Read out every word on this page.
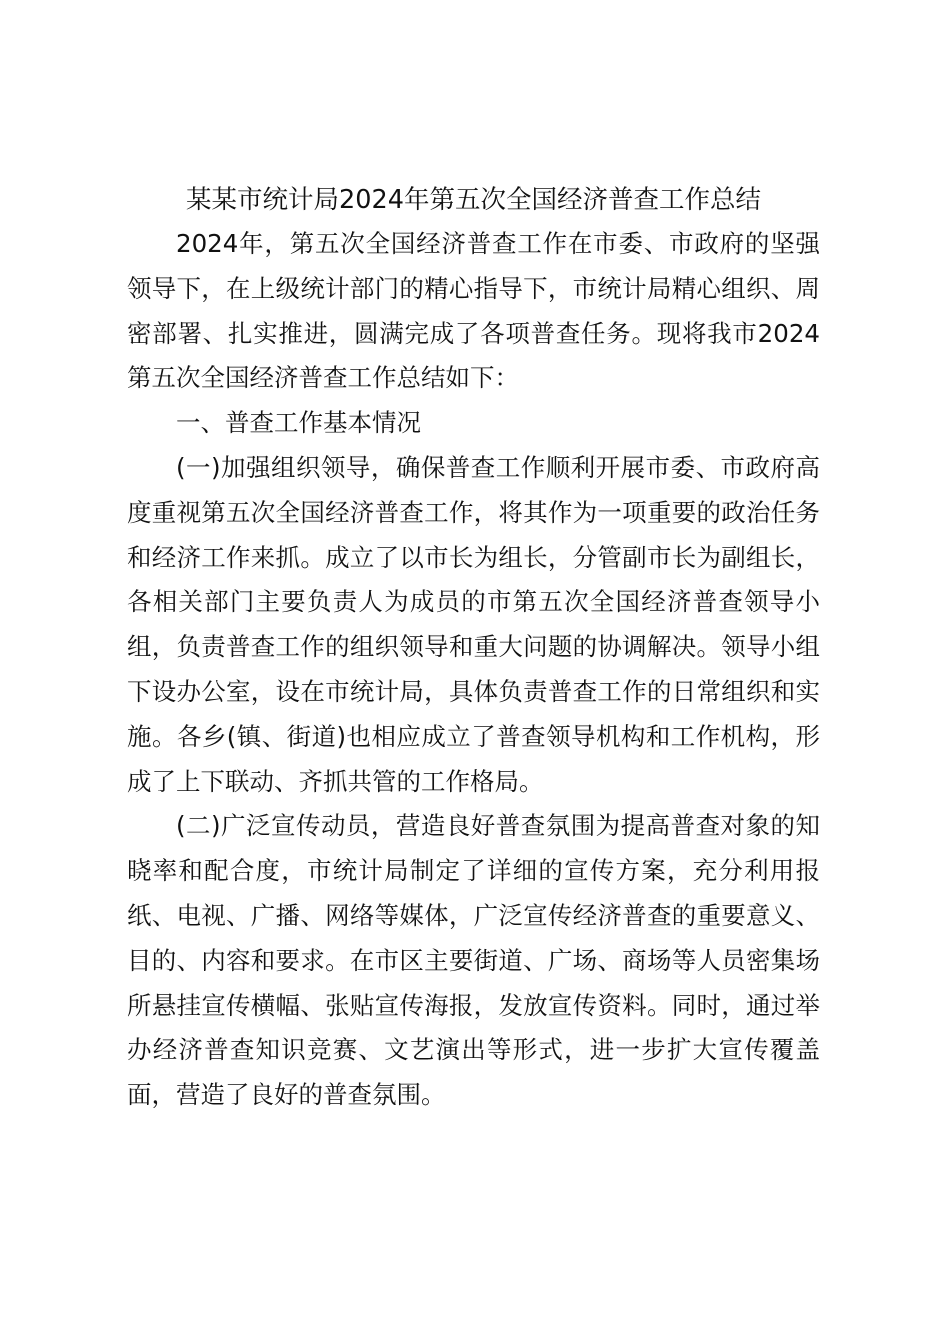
某某市统计局2024年第五次全国经济普查工作总结

2024年，第五次全国经济普查工作在市委、市政府的坚强领导下，在上级统计部门的精心指导下，市统计局精心组织、周密部署、扎实推进，圆满完成了各项普查任务。现将我市2024第五次全国经济普查工作总结如下：

一、普查工作基本情况

(一)加强组织领导，确保普查工作顺利开展市委、市政府高度重视第五次全国经济普查工作，将其作为一项重要的政治任务和经济工作来抓。成立了以市长为组长，分管副市长为副组长，各相关部门主要负责人为成员的市第五次全国经济普查领导小组，负责普查工作的组织领导和重大问题的协调解决。领导小组下设办公室，设在市统计局，具体负责普查工作的日常组织和实施。各乡(镇、街道)也相应成立了普查领导机构和工作机构，形成了上下联动、齐抓共管的工作格局。

(二)广泛宣传动员，营造良好普查氛围为提高普查对象的知晓率和配合度，市统计局制定了详细的宣传方案，充分利用报纸、电视、广播、网络等媒体，广泛宣传经济普查的重要意义、目的、内容和要求。在市区主要街道、广场、商场等人员密集场所悬挂宣传横幅、张贴宣传海报，发放宣传资料。同时，通过举办经济普查知识竞赛、文艺演出等形式，进一步扩大宣传覆盖面，营造了良好的普查氛围。
